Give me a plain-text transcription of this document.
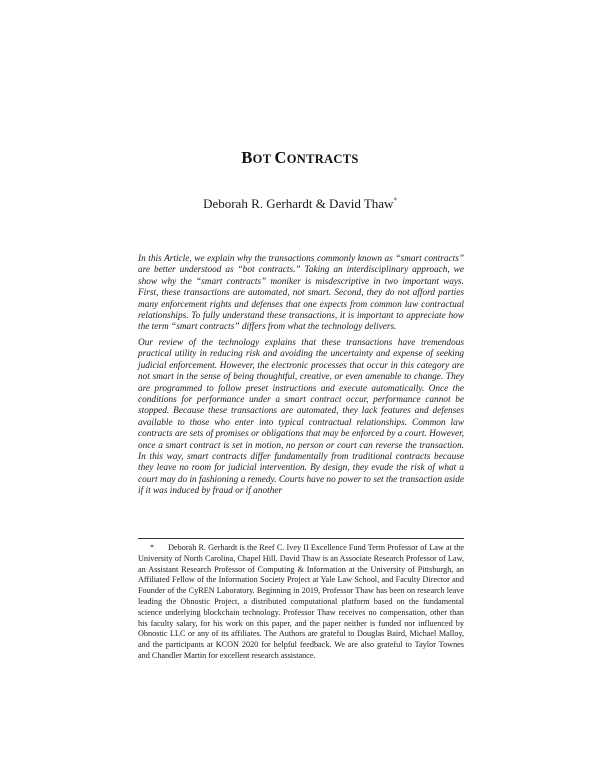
BOT CONTRACTS
Deborah R. Gerhardt & David Thaw*

In this Article, we explain why the transactions commonly known as “smart contracts” are better understood as “bot contracts.” Taking an interdisciplinary approach, we show why the “smart contracts” moniker is misdescriptive in two important ways. First, these transactions are automated, not smart. Second, they do not afford parties many enforcement rights and defenses that one expects from common law contractual relationships. To fully understand these transactions, it is important to appreciate how the term “smart contracts” differs from what the technology delivers.

Our review of the technology explains that these transactions have tremendous practical utility in reducing risk and avoiding the uncertainty and expense of seeking judicial enforcement. However, the electronic processes that occur in this category are not smart in the sense of being thoughtful, creative, or even amenable to change. They are programmed to follow preset instructions and execute automatically. Once the conditions for performance under a smart contract occur, performance cannot be stopped. Because these transactions are automated, they lack features and defenses available to those who enter into typical contractual relationships. Common law contracts are sets of promises or obligations that may be enforced by a court. However, once a smart contract is set in motion, no person or court can reverse the transaction. In this way, smart contracts differ fundamentally from traditional contracts because they leave no room for judicial intervention. By design, they evade the risk of what a court may do in fashioning a remedy. Courts have no power to set the transaction aside if it was induced by fraud or if another

* Deborah R. Gerhardt is the Reef C. Ivey II Excellence Fund Term Professor of Law at the University of North Carolina, Chapel Hill. David Thaw is an Associate Research Professor of Law, an Assistant Research Professor of Computing & Information at the University of Pittsburgh, an Affiliated Fellow of the Information Society Project at Yale Law School, and Faculty Director and Founder of the CyREN Laboratory. Beginning in 2019, Professor Thaw has been on research leave leading the Obnostic Project, a distributed computational platform based on the fundamental science underlying blockchain technology. Professor Thaw receives no compensation, other than his faculty salary, for his work on this paper, and the paper neither is funded nor influenced by Obnostic LLC or any of its affiliates. The Authors are grateful to Douglas Baird, Michael Malloy, and the participants at KCON 2020 for helpful feedback. We are also grateful to Taylor Townes and Chandler Martin for excellent research assistance.
